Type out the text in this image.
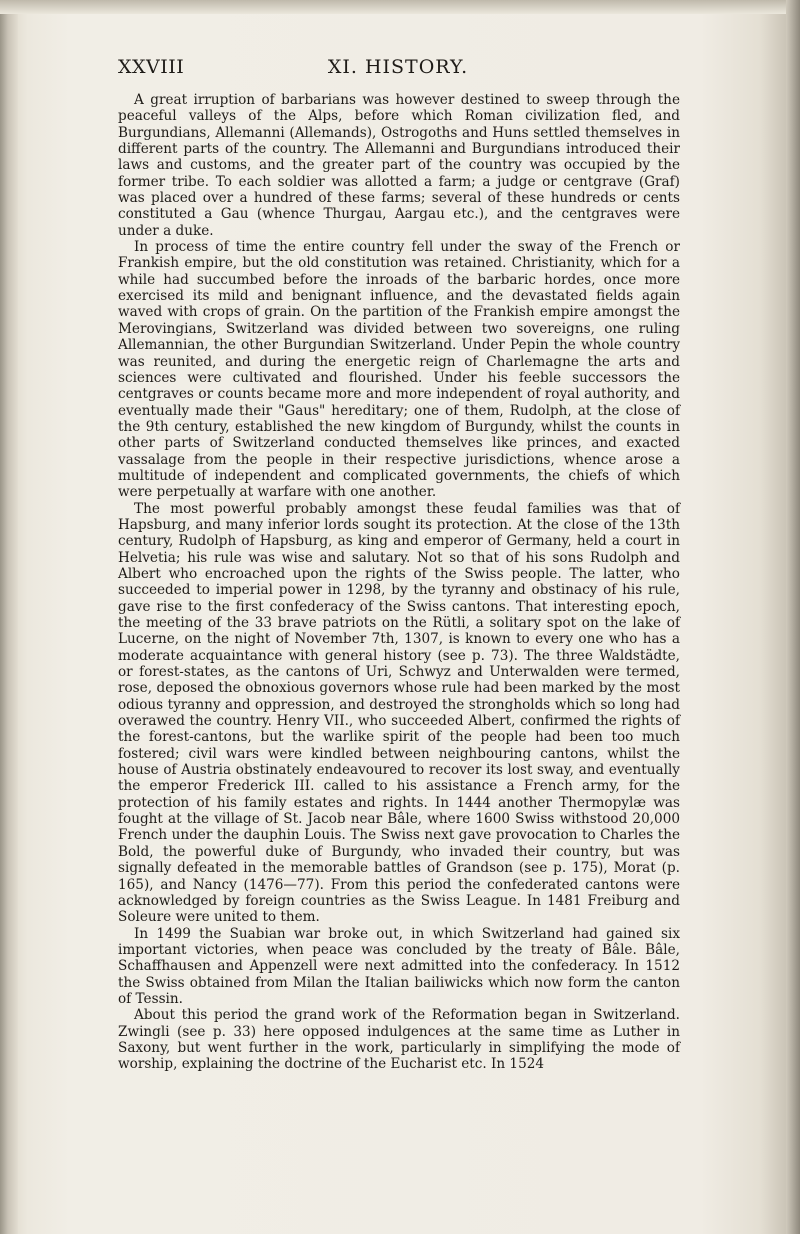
XXVIII	XI. HISTORY.

A great irruption of barbarians was however destined to sweep through the peaceful valleys of the Alps, before which Roman civilization fled, and Burgundians, Allemanni (Allemands), Ostrogoths and Huns settled themselves in different parts of the country. The Allemanni and Burgundians introduced their laws and customs, and the greater part of the country was occupied by the former tribe. To each soldier was allotted a farm; a judge or centgrave (Graf) was placed over a hundred of these farms; several of these hundreds or cents constituted a Gau (whence Thurgau, Aargau etc.), and the centgraves were under a duke.

In process of time the entire country fell under the sway of the French or Frankish empire, but the old constitution was retained. Christianity, which for a while had succumbed before the inroads of the barbaric hordes, once more exercised its mild and benignant influence, and the devastated fields again waved with crops of grain. On the partition of the Frankish empire amongst the Merovingians, Switzerland was divided between two sovereigns, one ruling Allemannian, the other Burgundian Switzerland. Under Pepin the whole country was reunited, and during the energetic reign of Charlemagne the arts and sciences were cultivated and flourished. Under his feeble successors the centgraves or counts became more and more independent of royal authority, and eventually made their "Gaus" hereditary; one of them, Rudolph, at the close of the 9th century, established the new kingdom of Burgundy, whilst the counts in other parts of Switzerland conducted themselves like princes, and exacted vassalage from the people in their respective jurisdictions, whence arose a multitude of independent and complicated governments, the chiefs of which were perpetually at warfare with one another.

The most powerful probably amongst these feudal families was that of Hapsburg, and many inferior lords sought its protection. At the close of the 13th century, Rudolph of Hapsburg, as king and emperor of Germany, held a court in Helvetia; his rule was wise and salutary. Not so that of his sons Rudolph and Albert who encroached upon the rights of the Swiss people. The latter, who succeeded to imperial power in 1298, by the tyranny and obstinacy of his rule, gave rise to the first confederacy of the Swiss cantons. That interesting epoch, the meeting of the 33 brave patriots on the Rütli, a solitary spot on the lake of Lucerne, on the night of November 7th, 1307, is known to every one who has a moderate acquaintance with general history (see p. 73). The three Waldstädte, or forest-states, as the cantons of Uri, Schwyz and Unterwalden were termed, rose, deposed the obnoxious governors whose rule had been marked by the most odious tyranny and oppression, and destroyed the strongholds which so long had overawed the country. Henry VII., who succeeded Albert, confirmed the rights of the forest-cantons, but the warlike spirit of the people had been too much fostered; civil wars were kindled between neighbouring cantons, whilst the house of Austria obstinately endeavoured to recover its lost sway, and eventually the emperor Frederick III. called to his assistance a French army, for the protection of his family estates and rights. In 1444 another Thermopylæ was fought at the village of St. Jacob near Bâle, where 1600 Swiss withstood 20,000 French under the dauphin Louis. The Swiss next gave provocation to Charles the Bold, the powerful duke of Burgundy, who invaded their country, but was signally defeated in the memorable battles of Grandson (see p. 175), Morat (p. 165), and Nancy (1476—77). From this period the confederated cantons were acknowledged by foreign countries as the Swiss League. In 1481 Freiburg and Soleure were united to them.

In 1499 the Suabian war broke out, in which Switzerland had gained six important victories, when peace was concluded by the treaty of Bâle. Bâle, Schaffhausen and Appenzell were next admitted into the confederacy. In 1512 the Swiss obtained from Milan the Italian bailiwicks which now form the canton of Tessin.

About this period the grand work of the Reformation began in Switzerland. Zwingli (see p. 33) here opposed indulgences at the same time as Luther in Saxony, but went further in the work, particularly in simplifying the mode of worship, explaining the doctrine of the Eucharist etc. In 1524
